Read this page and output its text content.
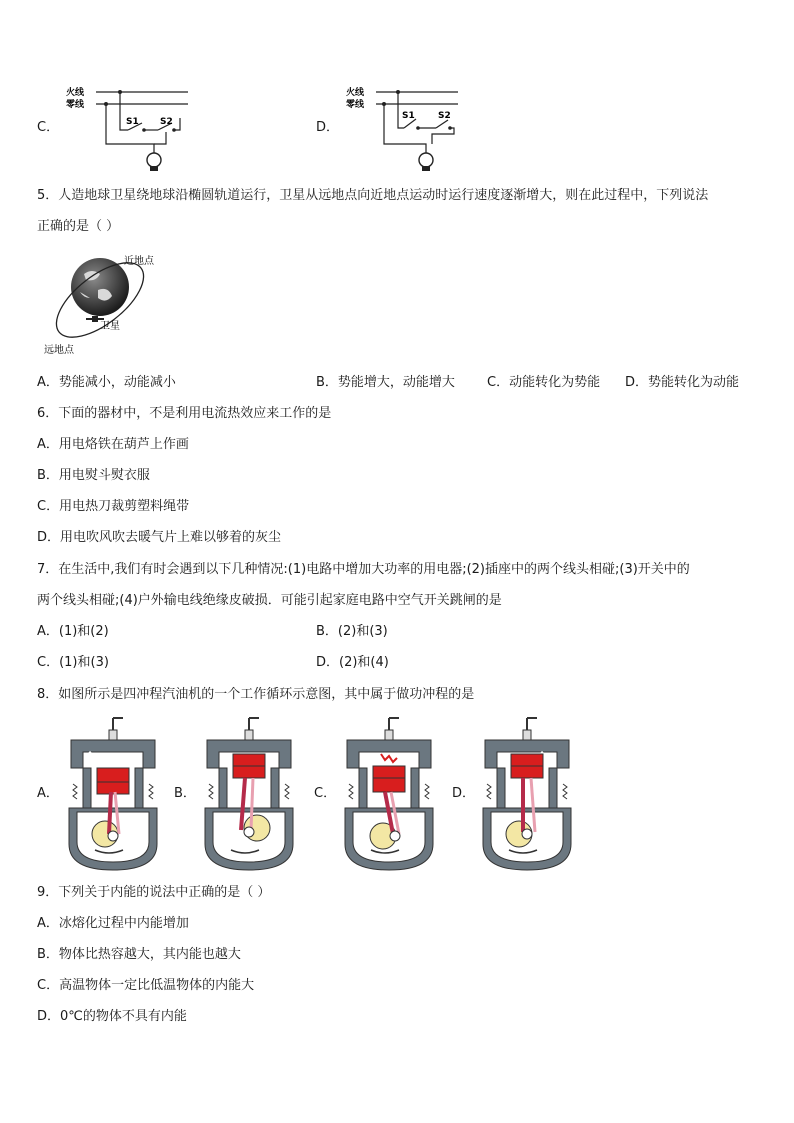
C．
火线
零线
S1 S2	D．
火线
零线
S1	S2
5．人造地球卫星绕地球沿椭圆轨道运行，卫星从远地点向近地点运动时运行速度逐渐增大，则在此过程中，下列说法
正确的是（ ）
近地点
卫星
远地点
A．势能减小，动能减小	B．势能增大，动能增大 C．动能转化为势能 D．势能转化为动能
6．下面的器材中，不是利用电流热效应来工作的是
A．用电烙铁在葫芦上作画
B．用电熨斗熨衣服
C．用电热刀裁剪塑料绳带
D．用电吹风吹去暖气片上难以够着的灰尘
7．在生活中,我们有时会遇到以下几种情况:(1)电路中增加大功率的用电器;(2)插座中的两个线头相碰;(3)开关中的
两个线头相碰;(4)户外输电线绝缘皮破损．可能引起家庭电路中空气开关跳闸的是
A．(1)和(2)	B．(2)和(3)
C．(1)和(3)	D．(2)和(4)
8．如图所示是四冲程汽油机的一个工作循环示意图，其中属于做功冲程的是
A．	B．	C．	D．
9．下列关于内能的说法中正确的是（ ）
A．冰熔化过程中内能增加
B．物体比热容越大，其内能也越大
C．高温物体一定比低温物体的内能大
D．0℃的物体不具有内能
